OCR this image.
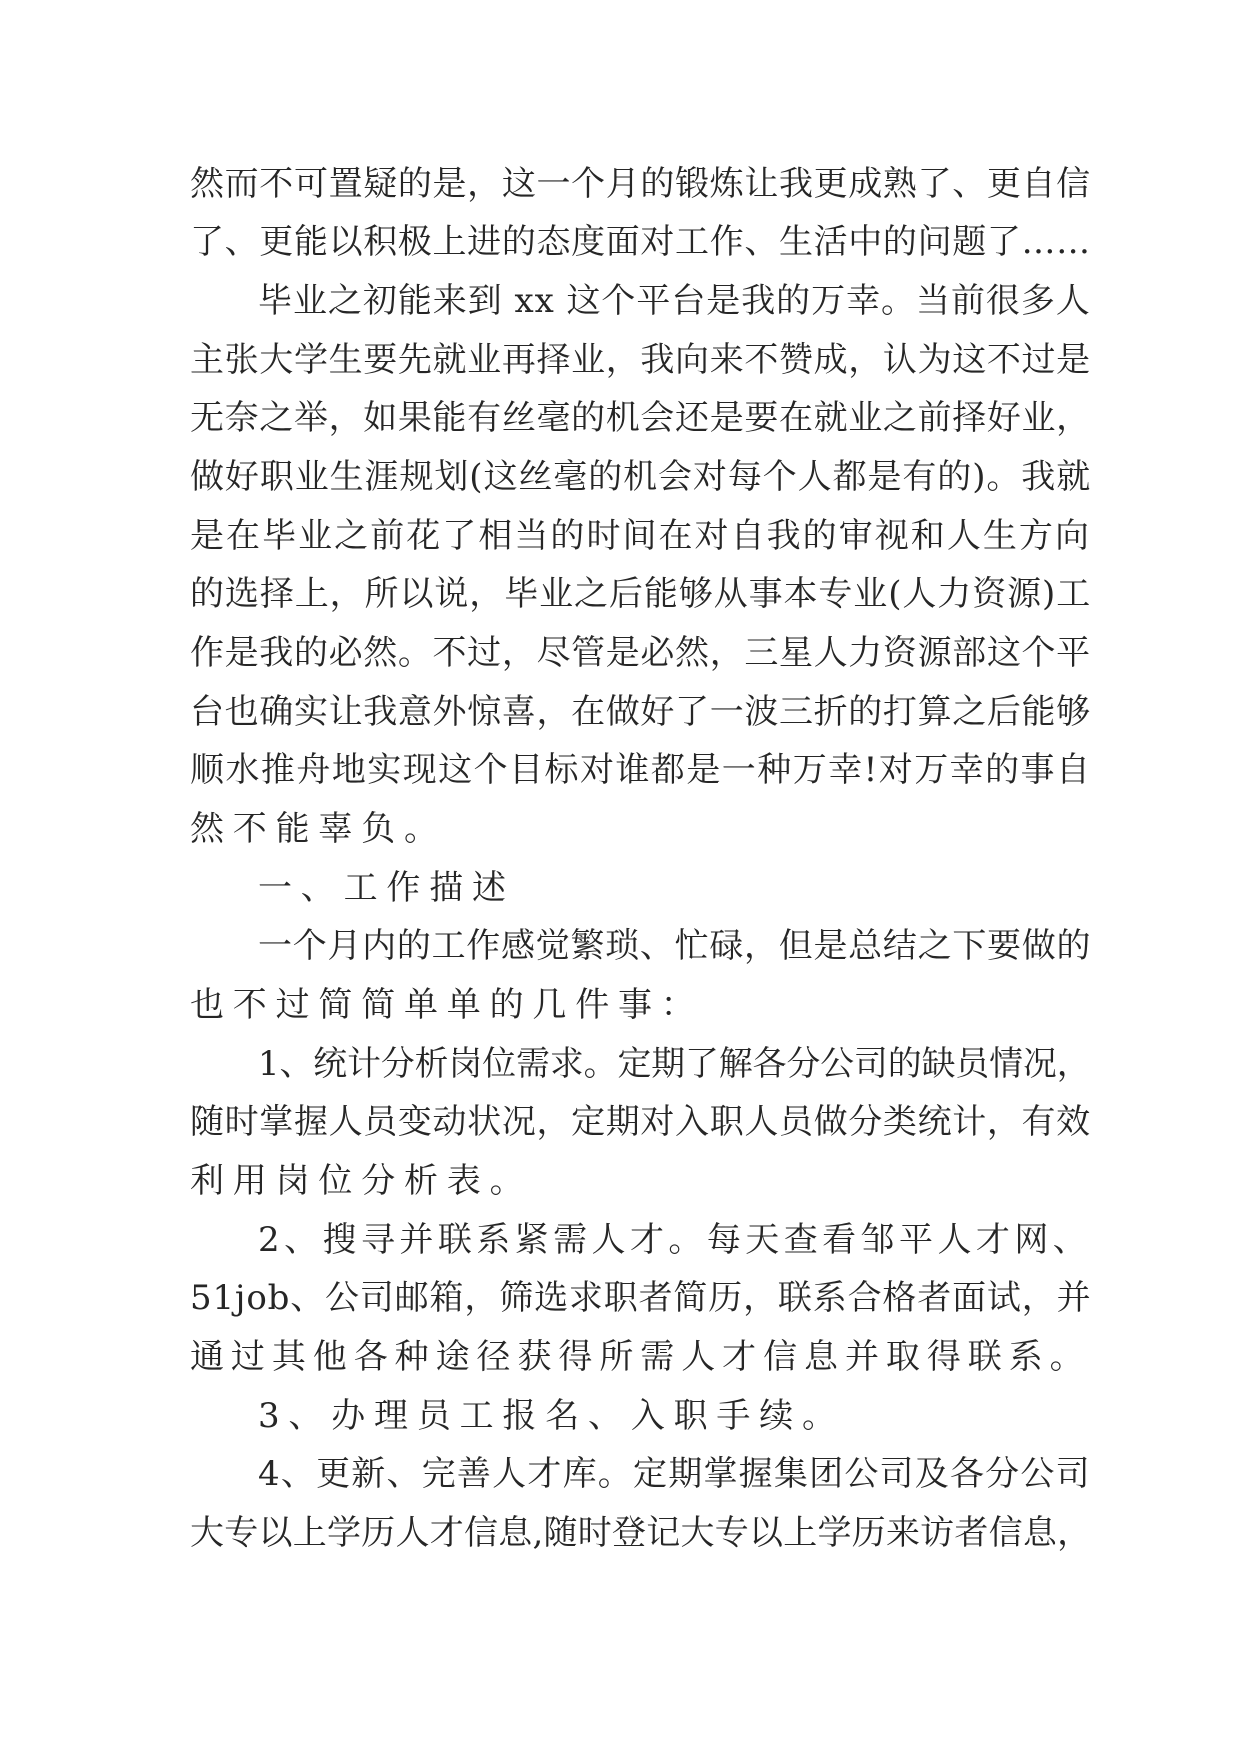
然而不可置疑的是，这一个月的锻炼让我更成熟了、更自信
了、更能以积极上进的态度面对工作、生活中的问题了……
毕业之初能来到 xx 这个平台是我的万幸。当前很多人
主张大学生要先就业再择业，我向来不赞成，认为这不过是
无奈之举，如果能有丝毫的机会还是要在就业之前择好业，
做好职业生涯规划(这丝毫的机会对每个人都是有的)。我就
是在毕业之前花了相当的时间在对自我的审视和人生方向
的选择上，所以说，毕业之后能够从事本专业(人力资源)工
作是我的必然。不过，尽管是必然，三星人力资源部这个平
台也确实让我意外惊喜，在做好了一波三折的打算之后能够
顺水推舟地实现这个目标对谁都是一种万幸!对万幸的事自
然不能辜负。
一、工作描述
一个月内的工作感觉繁琐、忙碌，但是总结之下要做的
也不过简简单单的几件事：
1、统计分析岗位需求。定期了解各分公司的缺员情况，
随时掌握人员变动状况，定期对入职人员做分类统计，有效
利用岗位分析表。
2、搜寻并联系紧需人才。每天查看邹平人才网、
51job、公司邮箱，筛选求职者简历，联系合格者面试，并
通过其他各种途径获得所需人才信息并取得联系。
3、办理员工报名、入职手续。
4、更新、完善人才库。定期掌握集团公司及各分公司
大专以上学历人才信息,随时登记大专以上学历来访者信息，
